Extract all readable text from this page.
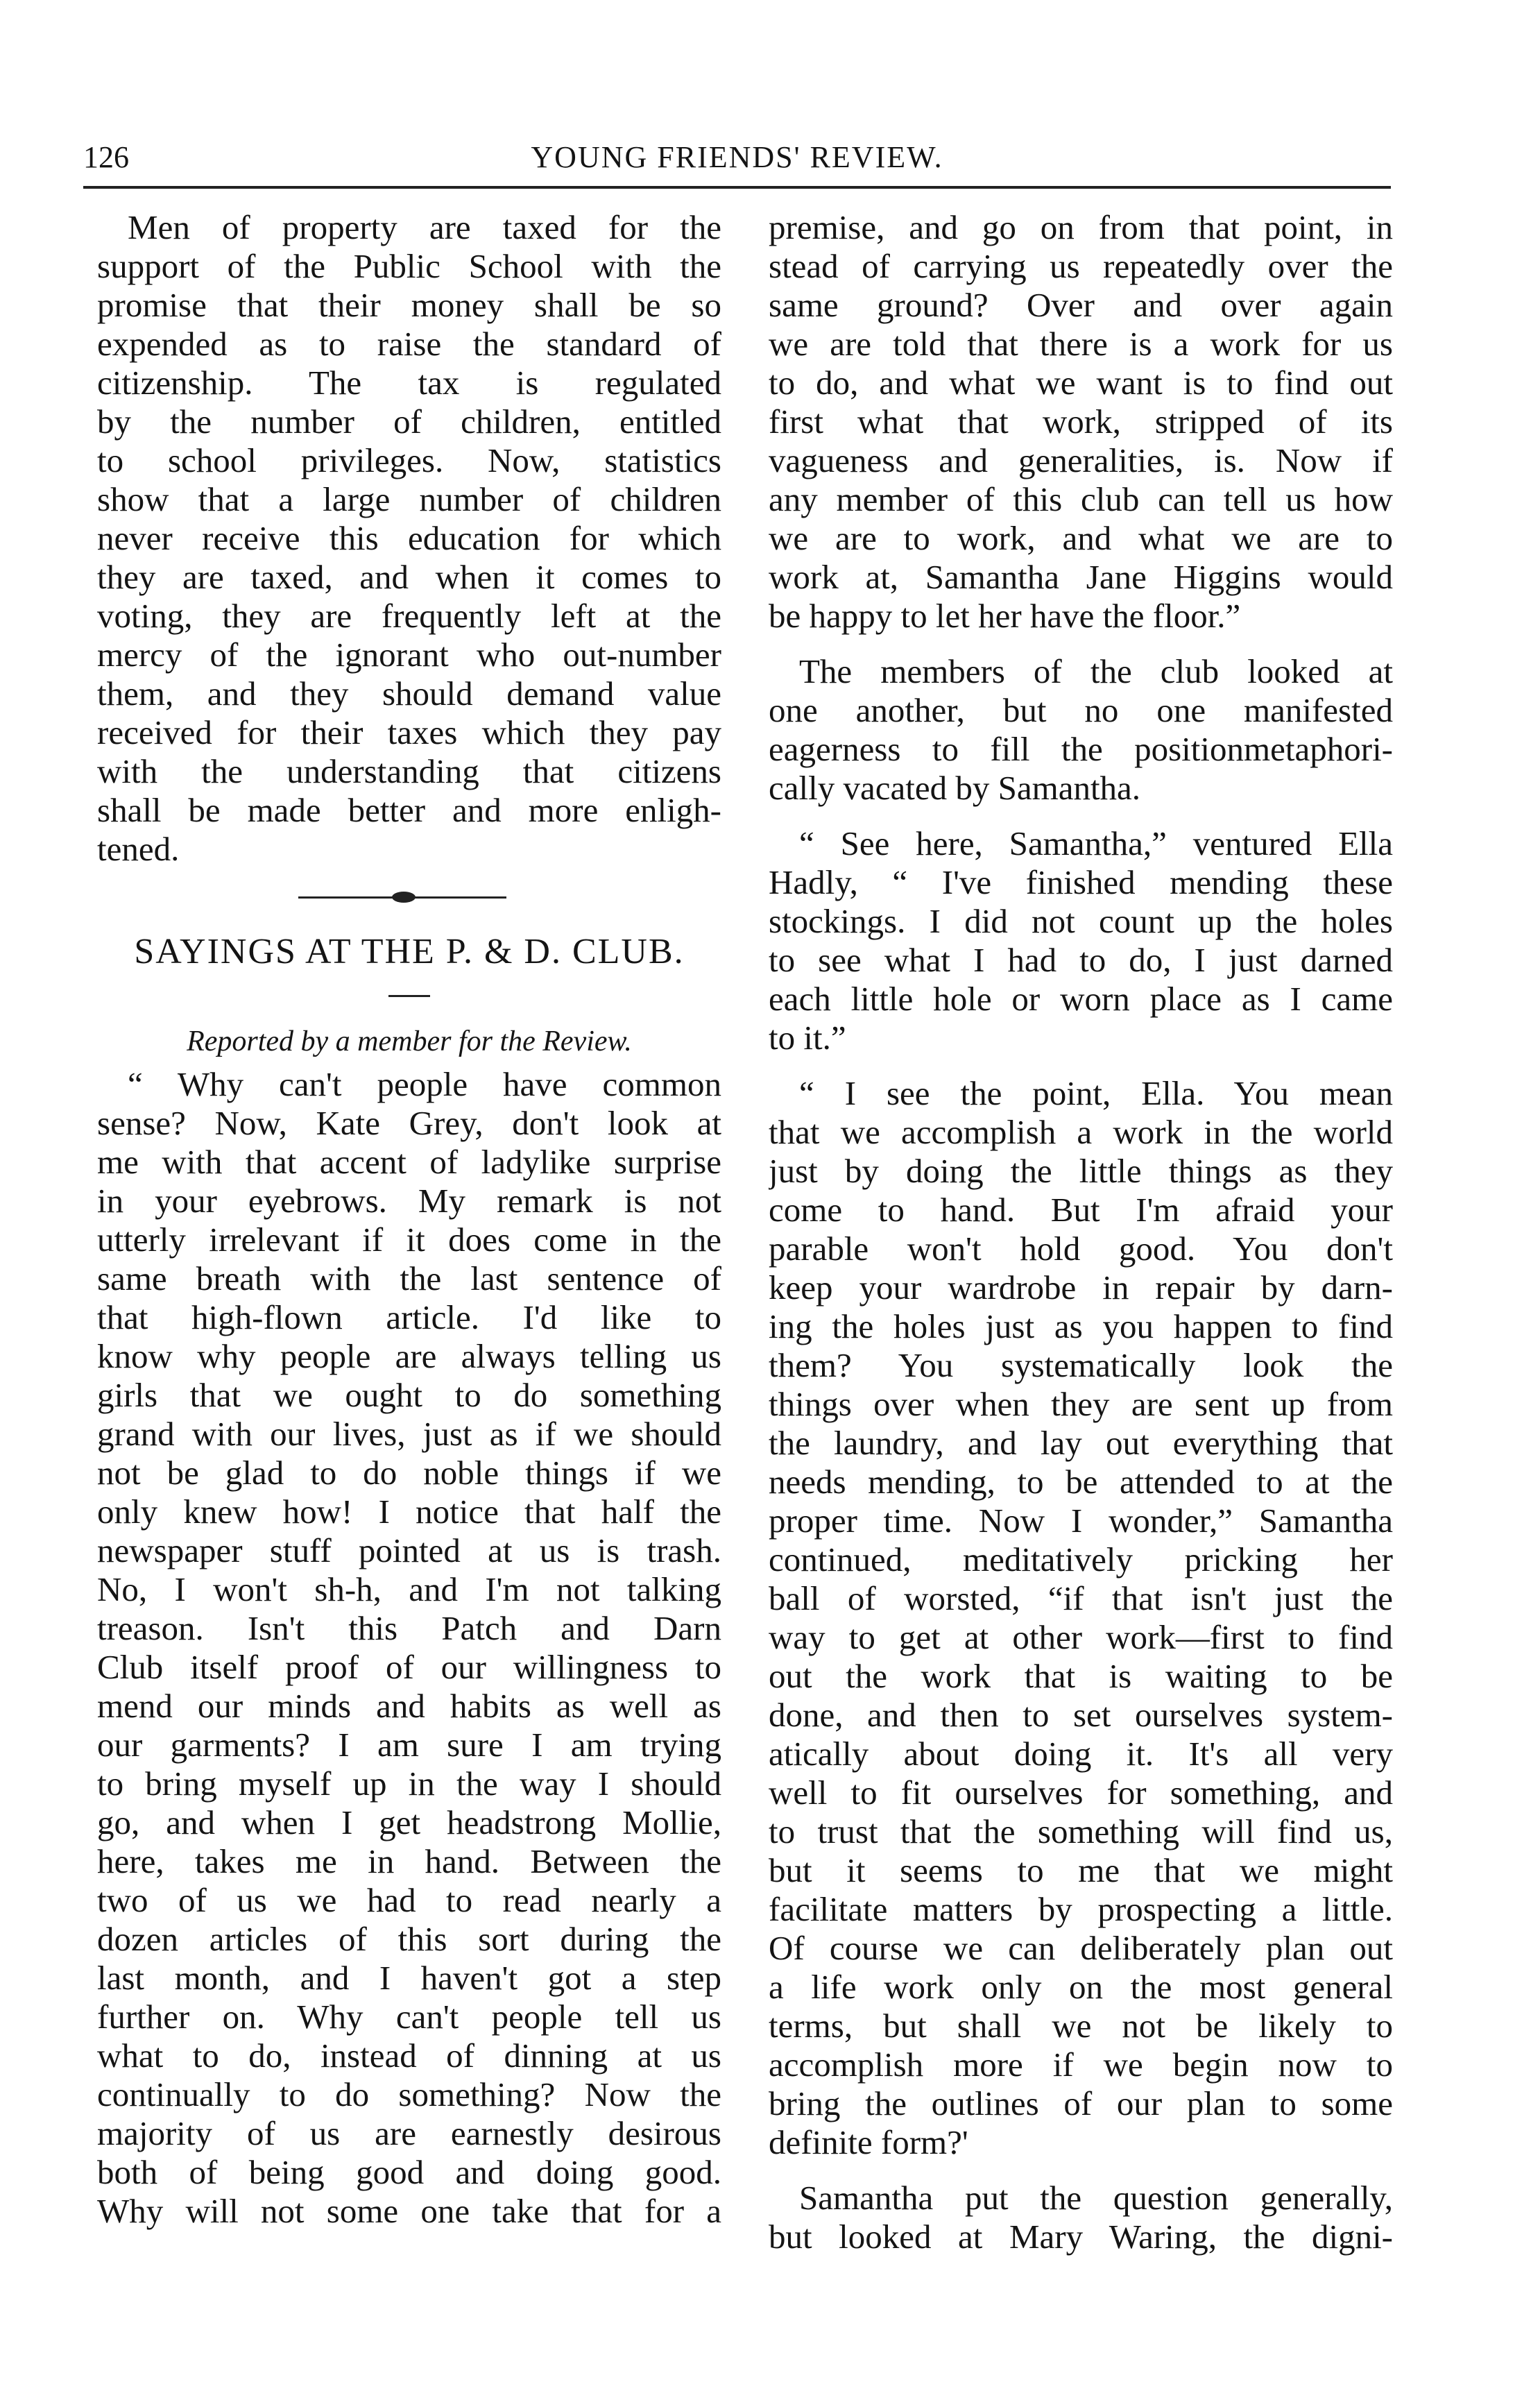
126	YOUNG FRIENDS' REVIEW.
Men of property are taxed for the
support of the Public School with the
promise that their money shall be so
expended as to raise the standard of
citizenship. The tax is regulated
by the number of children, entitled
to school privileges. Now, statistics
show that a large number of children
never receive this education for which
they are taxed, and when it comes to
voting, they are frequently left at the
mercy of the ignorant who out-number
them, and they should demand value
received for their taxes which they pay
with the understanding that citizens
shall be made better and more enligh-
tened.
SAYINGS AT THE P. & D. CLUB.
Reported by a member for the Review.
“ Why can't people have common
sense? Now, Kate Grey, don't look at
me with that accent of ladylike surprise
in your eyebrows. My remark is not
utterly irrelevant if it does come in the
same breath with the last sentence of
that high-flown article. I'd like to
know why people are always telling us
girls that we ought to do something
grand with our lives, just as if we should
not be glad to do noble things if we
only knew how! I notice that half the
newspaper stuff pointed at us is trash.
No, I won't sh-h, and I'm not talking
treason. Isn't this Patch and Darn
Club itself proof of our willingness to
mend our minds and habits as well as
our garments? I am sure I am trying
to bring myself up in the way I should
go, and when I get headstrong Mollie,
here, takes me in hand. Between the
two of us we had to read nearly a
dozen articles of this sort during the
last month, and I haven't got a step
further on. Why can't people tell us
what to do, instead of dinning at us
continually to do something? Now the
majority of us are earnestly desirous
both of being good and doing good.
Why will not some one take that for a
premise, and go on from that point, in
stead of carrying us repeatedly over the
same ground? Over and over again
we are told that there is a work for us
to do, and what we want is to find out
first what that work, stripped of its
vagueness and generalities, is. Now if
any member of this club can tell us how
we are to work, and what we are to
work at, Samantha Jane Higgins would
be happy to let her have the floor.”
The members of the club looked at
one another, but no one manifested
eagerness to fill the positionmetaphori-
cally vacated by Samantha.
“ See here, Samantha,” ventured Ella
Hadly, “ I've finished mending these
stockings. I did not count up the holes
to see what I had to do, I just darned
each little hole or worn place as I came
to it.”
“ I see the point, Ella. You mean
that we accomplish a work in the world
just by doing the little things as they
come to hand. But I'm afraid your
parable won't hold good. You don't
keep your wardrobe in repair by darn-
ing the holes just as you happen to find
them? You systematically look the
things over when they are sent up from
the laundry, and lay out everything that
needs mending, to be attended to at the
proper time. Now I wonder,” Samantha
continued, meditatively pricking her
ball of worsted, “if that isn't just the
way to get at other work—first to find
out the work that is waiting to be
done, and then to set ourselves system-
atically about doing it. It's all very
well to fit ourselves for something, and
to trust that the something will find us,
but it seems to me that we might
facilitate matters by prospecting a little.
Of course we can deliberately plan out
a life work only on the most general
terms, but shall we not be likely to
accomplish more if we begin now to
bring the outlines of our plan to some
definite form?'
Samantha put the question generally,
but looked at Mary Waring, the digni-
